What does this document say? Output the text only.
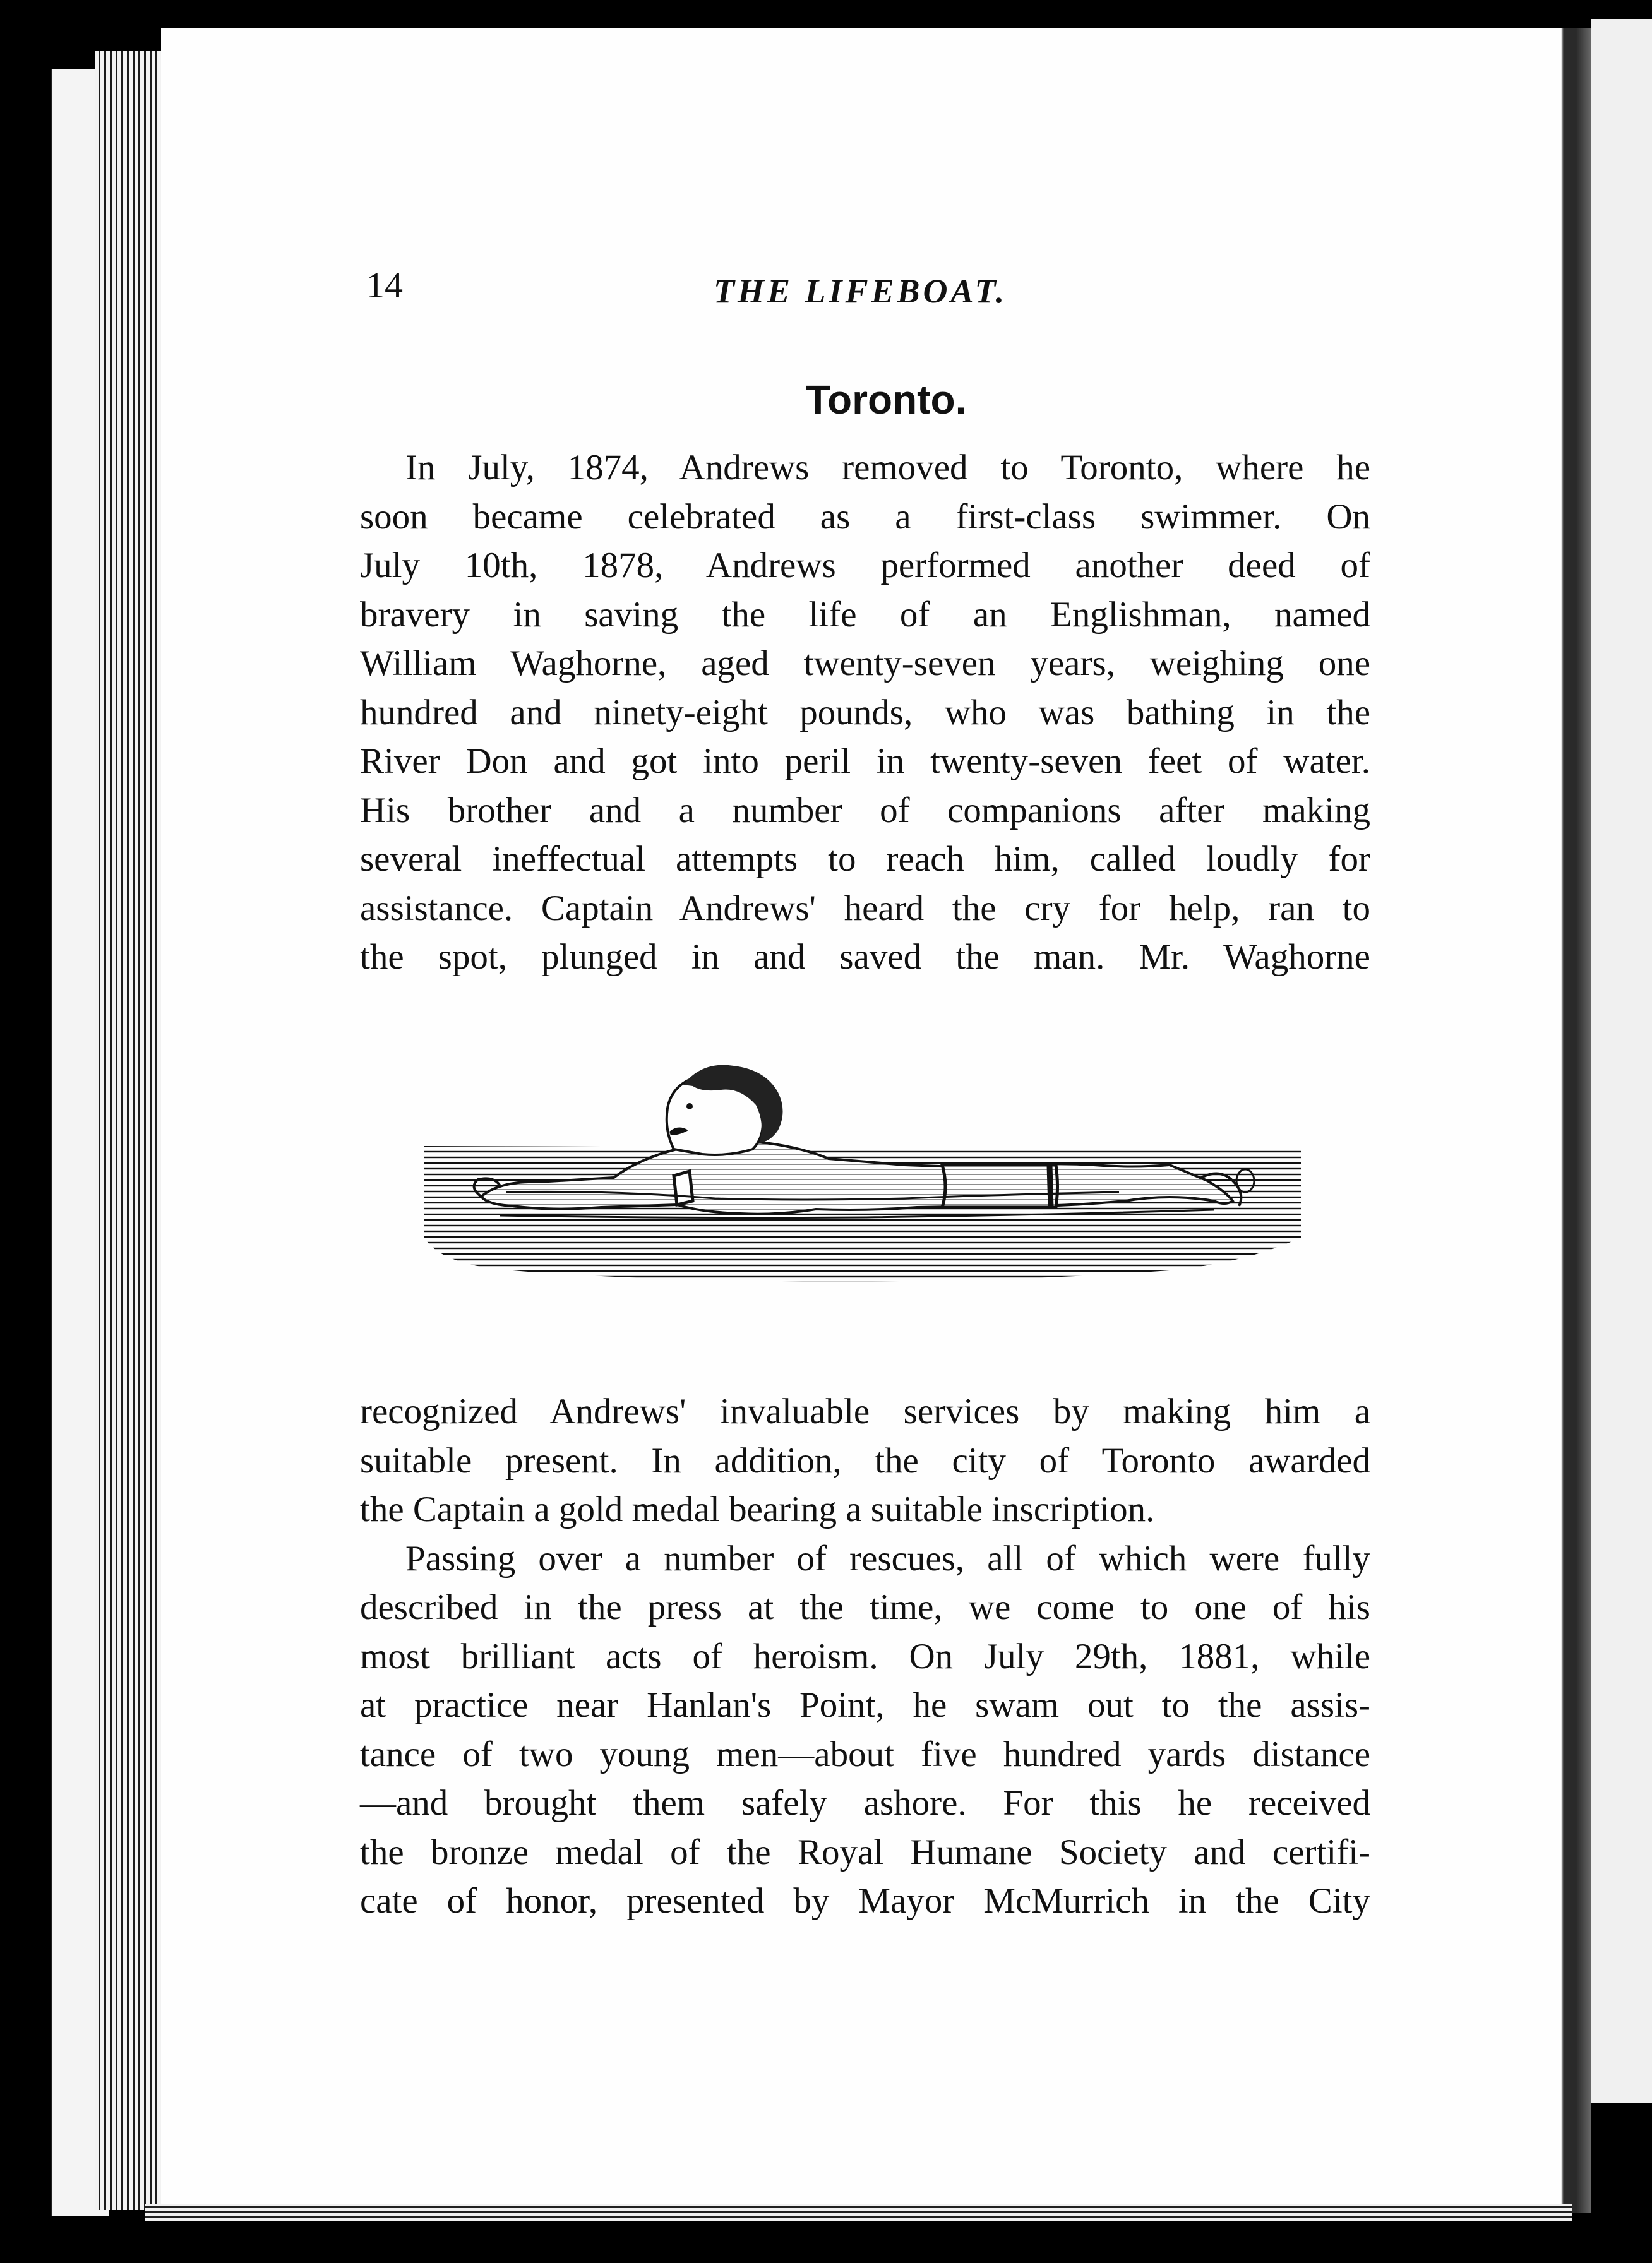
14	THE LIFEBOAT.
Toronto.
In July, 1874, Andrews removed to Toronto, where he
soon became celebrated as a first-class swimmer. On
July 10th, 1878, Andrews performed another deed of
bravery in saving the life of an Englishman, named
William Waghorne, aged twenty-seven years, weighing one
hundred and ninety-eight pounds, who was bathing in the
River Don and got into peril in twenty-seven feet of water.
His brother and a number of companions after making
several ineffectual attempts to reach him, called loudly for
assistance. Captain Andrews' heard the cry for help, ran to
the spot, plunged in and saved the man. Mr. Waghorne
recognized Andrews' invaluable services by making him a
suitable present. In addition, the city of Toronto awarded
the Captain a gold medal bearing a suitable inscription.
Passing over a number of rescues, all of which were fully
described in the press at the time, we come to one of his
most brilliant acts of heroism. On July 29th, 1881, while
at practice near Hanlan's Point, he swam out to the assis-
tance of two young men—about five hundred yards distance
—and brought them safely ashore. For this he received
the bronze medal of the Royal Humane Society and certifi-
cate of honor, presented by Mayor McMurrich in the City
